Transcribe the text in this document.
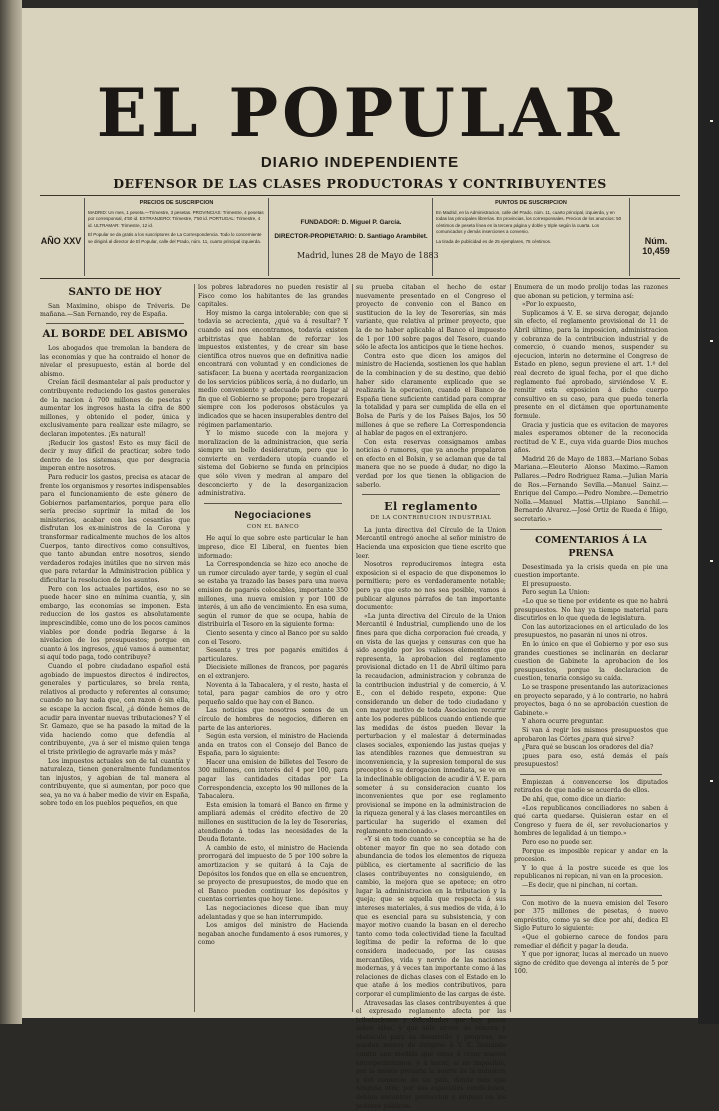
EL POPULAR
DIARIO INDEPENDIENTE
DEFENSOR DE LAS CLASES PRODUCTORAS Y CONTRIBUYENTES
AÑO XXV
PRECIOS DE SUSCRIPCION
MADRID: Un mes, 1 peseta.—Trimestre, 3 pesetas. PROVINCIAS: Trimestre, 4 pesetas por corresponsal, 4'50 id. EXTRANJERO: Trimestre, 7'50 id. PORTUGAL: Trimestre, 4 id. ULTRAMAR: Trimestre, 12 id.
El Popular se da gratis a los suscriptores de La Correspondencia. Todo lo concerniente se dirigirá al director de El Popular, calle del Prado, núm. 11, cuarto principal izquierda.
FUNDADOR: D. Miguel P. García.
DIRECTOR-PROPIETARIO: D. Santiago Arambilet.
PUNTOS DE SUSCRIPCION
En Madrid, en la Administracion, calle del Prado, núm. 11, cuarto principal, izquierda, y en todas las principales librerías. En provincias, los corresponsales. Precios de los anuncios: 50 céntimos de peseta línea en la tercera página y doble y triple según la cuarta. Los comunicados y demás inserciones a convenio.
La tirada de publicidad es de 25 ejemplares, 75 céntimos.	Núm. 10,459
Madrid, lunes 28 de Mayo de 1883
SANTO DE HOY

San Maximino, obispo de Tréveris. De mañana.—San Fernando, rey de España.

AL BORDE DEL ABISMO

Los abogados que tremolan la bandera de las economías y que ha contraido el honor de nivelar el presupuesto, están al borde del abismo.

Creían fácil desmantelar al país productor y contribuyente reduciendo los gastos generales de la nacion á 700 millones de pesetas y aumentar los ingresos hasta la cifra de 800 millones, y obtenido el poder, única y exclusivamente para realizar este milagro, se declaran impotentes. ¡Es natural!

¡Reducir los gastos! Esto es muy fácil de decir y muy difícil de practicar, sobre todo dentro de los sistemas, que por desgracia imperan entre nosotros.

Para reducir los gastos, precisa es atacar de frente los organismos y resortes indispensables para el funcionamiento de este género de Gobiernos parlamentarios, porque para ello sería preciso suprimir la mitad de los ministerios, acabar con las cesantías que disfrutan los ex-ministros de la Corona y transformar radicalmente muchos de los altos Cuerpos, tanto directivos como consultivos, que tanto abundan entre nosotros, siendo verdaderos rodajes inútiles que no sirven más que para retardar la Administracion pública y dificultar la resolucion de los asuntos.

Pero con los actuales partidos, eso no se puede hacer sino en mínima cuantía, y, sin embargo, las economías se imponen. Esta reduccion de los gastos es absolutamente imprescindible, como uno de los pocos caminos viables por donde podría llegarse á la nivelacion de los presupuestos; porque en cuanto á los ingresos, ¿qué vamos á aumentar, si aquí todo paga, todo contribuye?

Cuando el pobre ciudadano español está agobiado de impuestos directos é indirectos, generales y particulares, so brela renta, relativos al producto y referentes al consumo; cuando no hay nada que, con razon ó sin ella, se escape la accion fiscal, ¿á dónde hemos de acudir para inventar nuevas tributaciones? Y el Sr. Gamazo, que se ha pasado la mitad de la vida haciendo como que defendía al contribuyente, ¿va á ser el mismo quien tenga el triste privilegio de agravarle más y más?

Los impuestos actuales son de tal cuantía y naturaleza, tienen generalmente fundamentos tan injustos, y agobian de tal manera al contribuyente, que si aumentan, por poco que sea, ya no va á haber medio de vivir en España, sobre todo en los pueblos pequeños, en que

los pobres labradores no pueden resistir al Fisco como los habitantes de las grandes capitales.

Hoy mismo la carga intolerable; con que si todavía se acrecienta, ¿qué va á resultar? Y cuando así nos encontramos, todavía existen arbitristas que hablan de reforzar los impuestos existentes, y de crear sin base científica otros nuevos que en definitiva nadie encontrará con voluntad y en condiciones de satisfacer. La buena y acertada reorganizacion de los servicios públicos sería, á no dudarlo, un medio conveniente y adecuado para llegar al fin que el Gobierno se propone; pero tropezará siempre con los poderosos obstáculos ya indicados que se hacen insuperables dentro del régimen parlamentario.

Y lo mismo sucede con la mejora y moralizacion de la administracion, que sería siempre un bello desideratum, pero que lo convierte en verdadera utopía cuando el sistema del Gobierno se funda en principios que sólo viven y medran al amparo del desconcierto y de la desorganizacion administrativa.

Negociaciones
CON EL BANCO

He aquí lo que sobre este particular le han impreso, dice El Liberal, en fuentes bien informado:

La Correspondencia se hizo eco anoche de un rumor circulado ayer tarde, y según el cual se estaba ya trazado las bases para una nueva emision de pagarés colocables, importante 350 millones, una nueva emision y por 100 de interés, á un año de vencimiento. En esa suma, según el rumor de que se ocupa, había de distribuirla el Tesoro en la siguiente forma:

Ciento sesenta y cinco al Banco por su saldo con el Tesoro.

Sesenta y tres por pagarés emitidos á particulares.

Diecisiete millones de francos, por pagarés en el extranjero.

Noventa á la Tabacalera, y el resto, hasta el total, para pagar cambios de oro y otro pequeño saldo que hay con el Banco.

Las noticias que nosotros somos de un círculo de hombres de negocios, difieren en parte de las anteriores.

Según esta version, el ministro de Hacienda anda en tratos con el Consejo del Banco de España, para lo siguiente:

Hacer una emision de billetes del Tesoro de 300 millones, con interés del 4 por 100, para pagar las cantidades citadas por La Correspondencia, excepto los 90 millones de la Tabacalera.

Esta emision la tomará el Banco en firme y ampliará además el crédito efectivo de 20 millones en sustitucion de la ley de Tesorerías, atendiendo á todas las necesidades de la Deuda flotante.

A cambio de esto, el ministro de Hacienda prorrogará del impuesto de 5 por 100 sobre la amortizacion y se quitará á la Caja de Depósitos los fondos que en ella se encuentren, se proyecto de presupuestos, de modo que en el Banco pueden continuar los depósitos y cuentas corrientes que hoy tiene.

Las negociaciones dicese que iban muy adelantadas y que se han interrumpido.

Los amigos del ministro de Hacienda negaban anoche fundamento á esos rumores, y como

su prueba citaban el hecho de estar nuevamente presentado en el Congreso el proyecto de convenio con el Banco en sustitucion de la ley de Tesorerías, sin más variante, que relativa al primer proyecto, que la de no haber aplicable al Banco el impuesto de 1 por 100 sobre pagos del Tesoro, cuando sólo le afecta los anticipos que le tiene hechos.

Contra esto que dicen los amigos del ministro de Hacienda, sostienen los que hablan de la combinacion y de su destino, que debió haber sido claramente explicado que se realizaría la operacion, cuando el Banco de España tiene suficiente cantidad para comprar la totalidad y para ser cumplida de ella en el Bolsa de París y de los Países Bajos, los 50 millones á que se refiere La Correspondencia al hablar de pagos en el extranjero.

Con esta reservas consignamos ambas noticias ó rumores, que ya anoche propalaron en efecto en el Bolsin, y se aclaman que de tal manera que no se puede á dudar, no digo la verdad por los que tienen la obligacion de saberlo.

El reglamento
DE LA CONTRIBUCION INDUSTRIAL

La junta directiva del Círculo de la Union Mercantil entregó anoche al señor ministro de Hacienda una exposicion que tiene escrito que leer.

Nosotros reproduciremos íntegra esta exposicion si el espacio de que disponemos lo permitiera; pero es verdaderamente notable; pero ya que esto no nos sea posible, vamos á publicar algunos párrafos de tan importante documento:

«La junta directiva del Círculo de la Union Mercantil é Industrial, cumpliendo uno de los fines para que dicha corporacion fué creada, y en vista de las quejas y censuras con que ha sido acogido por los valiosos elementos que representa, la aprobacion del reglamento provisional dictado en 11 de Abril último para la recaudacion, administracion y cobranza de la contribucion industrial y de comercio, á V. E., con el debido respeto, expone: Que considerando un deber de todo ciudadano y con mayor motivo de toda Asociacion recurrir ante los poderes públicos cuando entiende que las medidas de éstos pueden llevar la perturbacion y el malestar á determinadas clases sociales, exponiendo las justas quejas y las atendibles razones que demuestran su inconveniencia, y la supresion temporal de sus preceptos ó su derogacion inmediata, se ve en la indeclinable obligacion de acudir á V. E. para someter á su consideracion cuanto los inconvenientes que por ese reglamento provisional se impone en la administracion de la riqueza general y á las clases mercantiles en particular ha sugerido el examen del reglamento mencionado.»

«Y si en todo cuanto se conceptúa se ha de obtener mayor fin que no sea dotado con abundancia de todos los elementos de riqueza pública, es ciertamente al sacrificio de las clases contribuyentes no consiguiendo, en cambio, la mejora que se apetece; en otro lugar la administracion en la tributacion y la queja; que se aquella que respecta á sus intereses materiales, á sus medios de vida, á lo que es esencial para su subsistencia, y con mayor motivo cuando la basan en el derecho tanto como toda colectividad tiene la facultad legítima de pedir la reforma de lo que considera inadecuado, por las causas mercantiles, vida y nervio de las naciones modernas, y á veces tan importante como á las relaciones de dichas clases con el Estado en lo que atañe á los medios contributivos, para corporar el cumplimiento de las cargas de éste.

Atravesadas las clases contribuyentes á que el expresado reglamento afecta por las tributaciones y dificultades que hoy pesan sobre ellas, y que sólo sirven de rémora y obstáculo para su desarrollo y progreso, no pueden menos de dirigirse á V. E. llamando contra una medida que viene á crear nuevos entorpecimientos, y á hacer, si no imposible, por lo menos precaria la suerte de la industria y del comercio de un país, donde más que ninguna otra, por sus especiales condiciones, debían encontrar proteccion y amparo en los poderes públicos.

Enumera de un modo prolijo todas las razones que abonan su peticion, y termina así:

«Por lo expuesto,

Suplicamos á V. E. se sirva derogar, dejando sin efecto, el reglamento provisional de 11 de Abril último, para la imposicion, administracion y cobranza de la contribucion industrial y de comercio, ó cuando menos, suspender su ejecucion, interin no determine el Congreso de Estado en pleno, segun previene el art. 1.º del real decreto de igual fecha, por el que dicho reglamento fué aprobado, sirviéndose V. E. remitir esta exposicion á dicho cuerpo consultivo en su caso, para que pueda tenerla presente en el dictámen que oportunamente formule.

Gracia y justicia que es evitacion de mayores males esperamos obtener de la reconocida rectitud de V. E., cuya vida guarde Dios muchos años.

Madrid 26 de Mayo de 1883.—Mariano Sobas Mariana.—Eleuterio Alonso Maximo.—Ramon Pallares.—Pedro Rodriguez Rama.—Julian Maria de Ros.—Fernando Sevilla.—Manuel Sainz.—Enrique del Campo.—Pedro Nombre.—Demetrio Nolla.—Manuel Mattis.—Ulpiano Sanchil.—Bernardo Alvarez.—José Ortiz de Rueda é Iñigo, secretario.»

COMENTARIOS Á LA PRENSA

Desestimada ya la crisis queda en pie una cuestion importante.

El presupuesto.

Pero segun La Union:

«Lo que se tiene por evidente es que no habrá presupuestos. No hay ya tiempo material para discutirlos en lo que queda de legislatura.

Con las autorizaciones en el articulado de los presupuestos, no pasarán ni unos ni otros.

En lo único en que el Gobierno y por eso sus grandes cuestiones se inclinarán en declarar cuestion de Gabinete la aprobacion de los presupuestos, porque la declaracion de cuestion, tenaria consigo su caída.

Lo se traspone presentando las autorizaciones en proyecto separado, y á lo contrario, no habrá proyectos, baga ó no se aprobación cuestion de Gabinete.»

Y ahora ocurre preguntar.

Si van á regir los mismos presupuestos que aprobaron las Córtes ¿para qué sirve?

¿Para qué se buscan los oradores del día?

¡pues para eso, está demás el país presupuestos!

Empiezan á convencerse los diputados retirados de que nadie se acuerda de ellos.

De ahí, que, como dice un diario:

«Los republicanos conciliadores no saben á qué carta quedarse. Quisieran estar en el Congreso y fuera de él, ser revolucionarios y hombres de legalidad á un tiempo.»

Pero eso no puede ser.

Porque es imposible repicar y andar en la procesion.

Y lo que á la postre sucede es que los republicanos ni repican, ni van en la procesion.

—Es decir, que ni pinchan, ni cortan.

Con motivo de la nueva emision del Tesoro por 375 millones de pesetas, ó nuevo empréstito, como ya se dice por ahí, dedica El Siglo Futuro lo siguiente:

«Que el gobierno carece de fondos para remediar el déficit y pagar la deuda.

Y que por ignorar, lucas al mercado un nuevo signo de crédito que devenga al interés de 5 por 100.
